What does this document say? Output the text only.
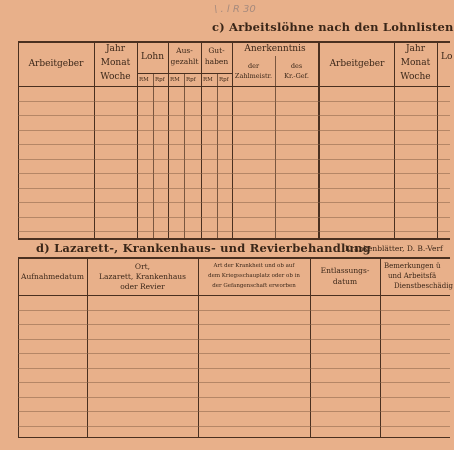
\ . l R 30
c) Arbeitslöhne nach den Lohnlisten
Arbeitgeber
Jahr
Monat
Woche
Lohn
Aus-
gezahlt
Gut-
haben
RM Rpf RM Rpf RM Rpf
Anerkenntnis
der
Zahlmeistr.
des
Kr.-Gef.
Arbeitgeber
Jahr
Monat
Woche
Lo
d) Lazarett-, Krankenhaus- und Revierbehandlung
(Krankenblätter, D. B.-Verf
Aufnahmedatum
Ort,
Lazarett, Krankenhaus
oder Revier
Art der Krankheit und ob auf
dem Kriegsschauplatz oder ob in
der Gefangenschaft erworben
Entlassungs-
datum
Bemerkungen ü
und Arbeitsfä
Dienstbeschädig
